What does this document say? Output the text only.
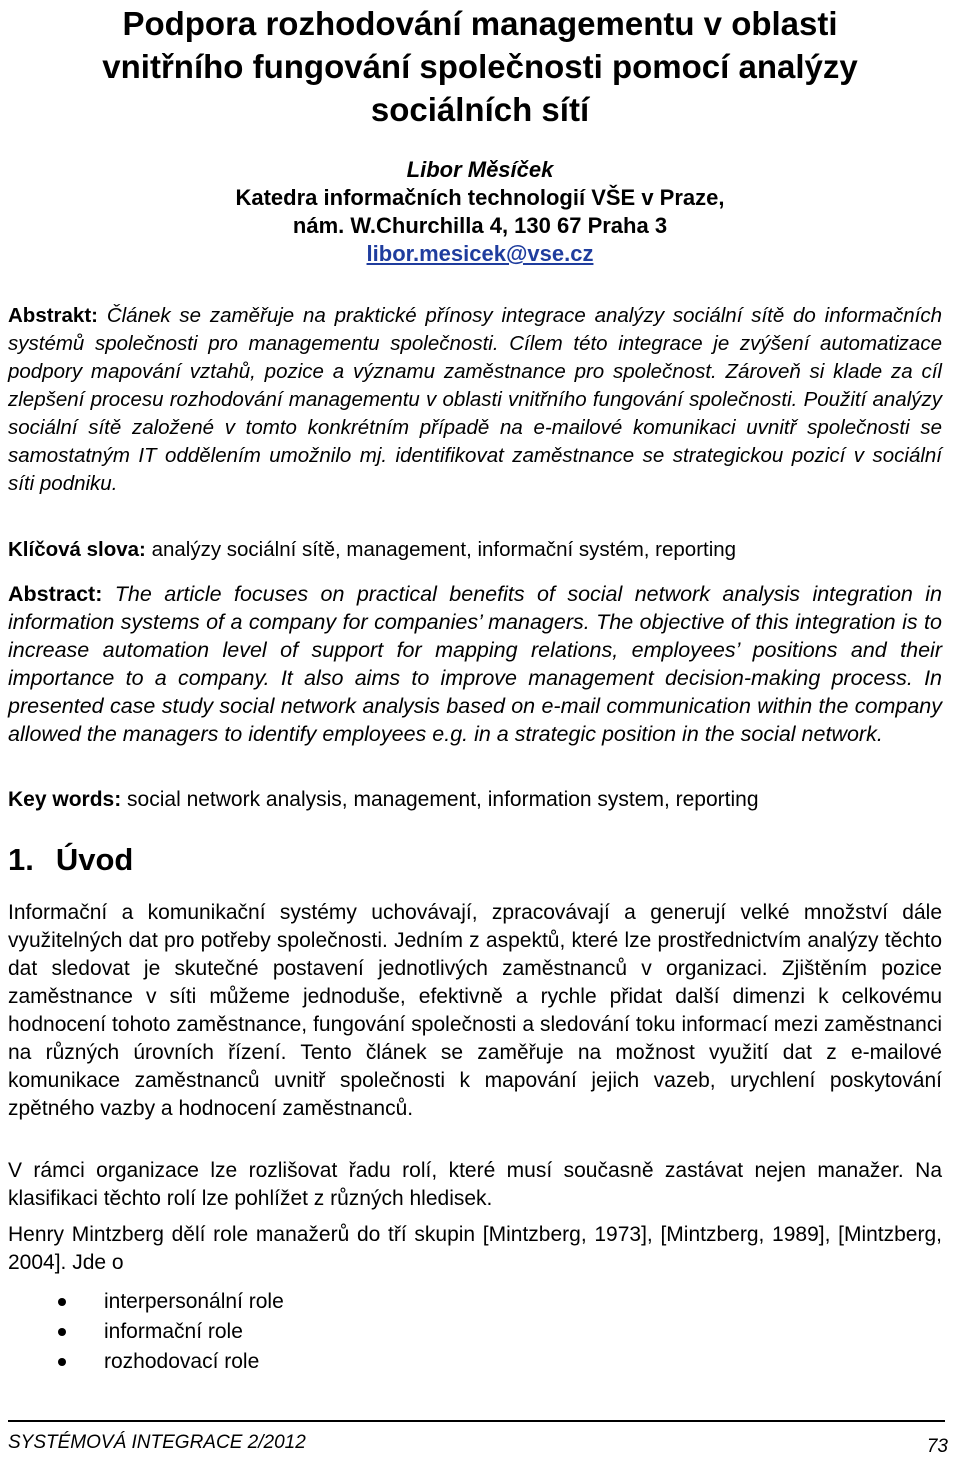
Podpora rozhodování managementu v oblasti
vnitřního fungování společnosti pomocí analýzy
sociálních sítí
Libor Měsíček
Katedra informačních technologií VŠE v Praze,
nám. W.Churchilla 4, 130 67 Praha 3
libor.mesicek@vse.cz
Abstrakt: Článek se zaměřuje na praktické přínosy integrace analýzy sociální sítě do informačních systémů společnosti pro managementu společnosti. Cílem této integrace je zvýšení automatizace podpory mapování vztahů, pozice a významu zaměstnance pro společnost. Zároveň si klade za cíl zlepšení procesu rozhodování managementu v oblasti vnitřního fungování společnosti. Použití analýzy sociální sítě založené v tomto konkrétním případě na e-mailové komunikaci uvnitř společnosti se samostatným IT oddělením umožnilo mj. identifikovat zaměstnance se strategickou pozicí v sociální síti podniku.
Klíčová slova: analýzy sociální sítě, management, informační systém, reporting
Abstract: The article focuses on practical benefits of social network analysis integration in information systems of a company for companies’ managers. The objective of this integration is to increase automation level of support for mapping relations, employees’ positions and their importance to a company. It also aims to improve management decision-making process. In presented case study social network analysis based on e-mail communication within the company allowed the managers to identify employees e.g. in a strategic position in the social network.
Key words: social network analysis, management, information system, reporting
1. Úvod
Informační a komunikační systémy uchovávají, zpracovávají a generují velké množství dále využitelných dat pro potřeby společnosti. Jedním z aspektů, které lze prostřednictvím analýzy těchto dat sledovat je skutečné postavení jednotlivých zaměstnanců v organizaci. Zjištěním pozice zaměstnance v síti můžeme jednoduše, efektivně a rychle přidat další dimenzi k celkovému hodnocení tohoto zaměstnance, fungování společnosti a sledování toku informací mezi zaměstnanci na různých úrovních řízení. Tento článek se zaměřuje na možnost využití dat z e-mailové komunikace zaměstnanců uvnitř společnosti k mapování jejich vazeb, urychlení poskytování zpětného vazby a hodnocení zaměstnanců.
V rámci organizace lze rozlišovat řadu rolí, které musí současně zastávat nejen manažer. Na klasifikaci těchto rolí lze pohlížet z různých hledisek.
Henry Mintzberg dělí role manažerů do tří skupin [Mintzberg, 1973], [Mintzberg, 1989], [Mintzberg, 2004]. Jde o
interpersonální role
informační role
rozhodovací role
SYSTÉMOVÁ INTEGRACE 2/2012	73
